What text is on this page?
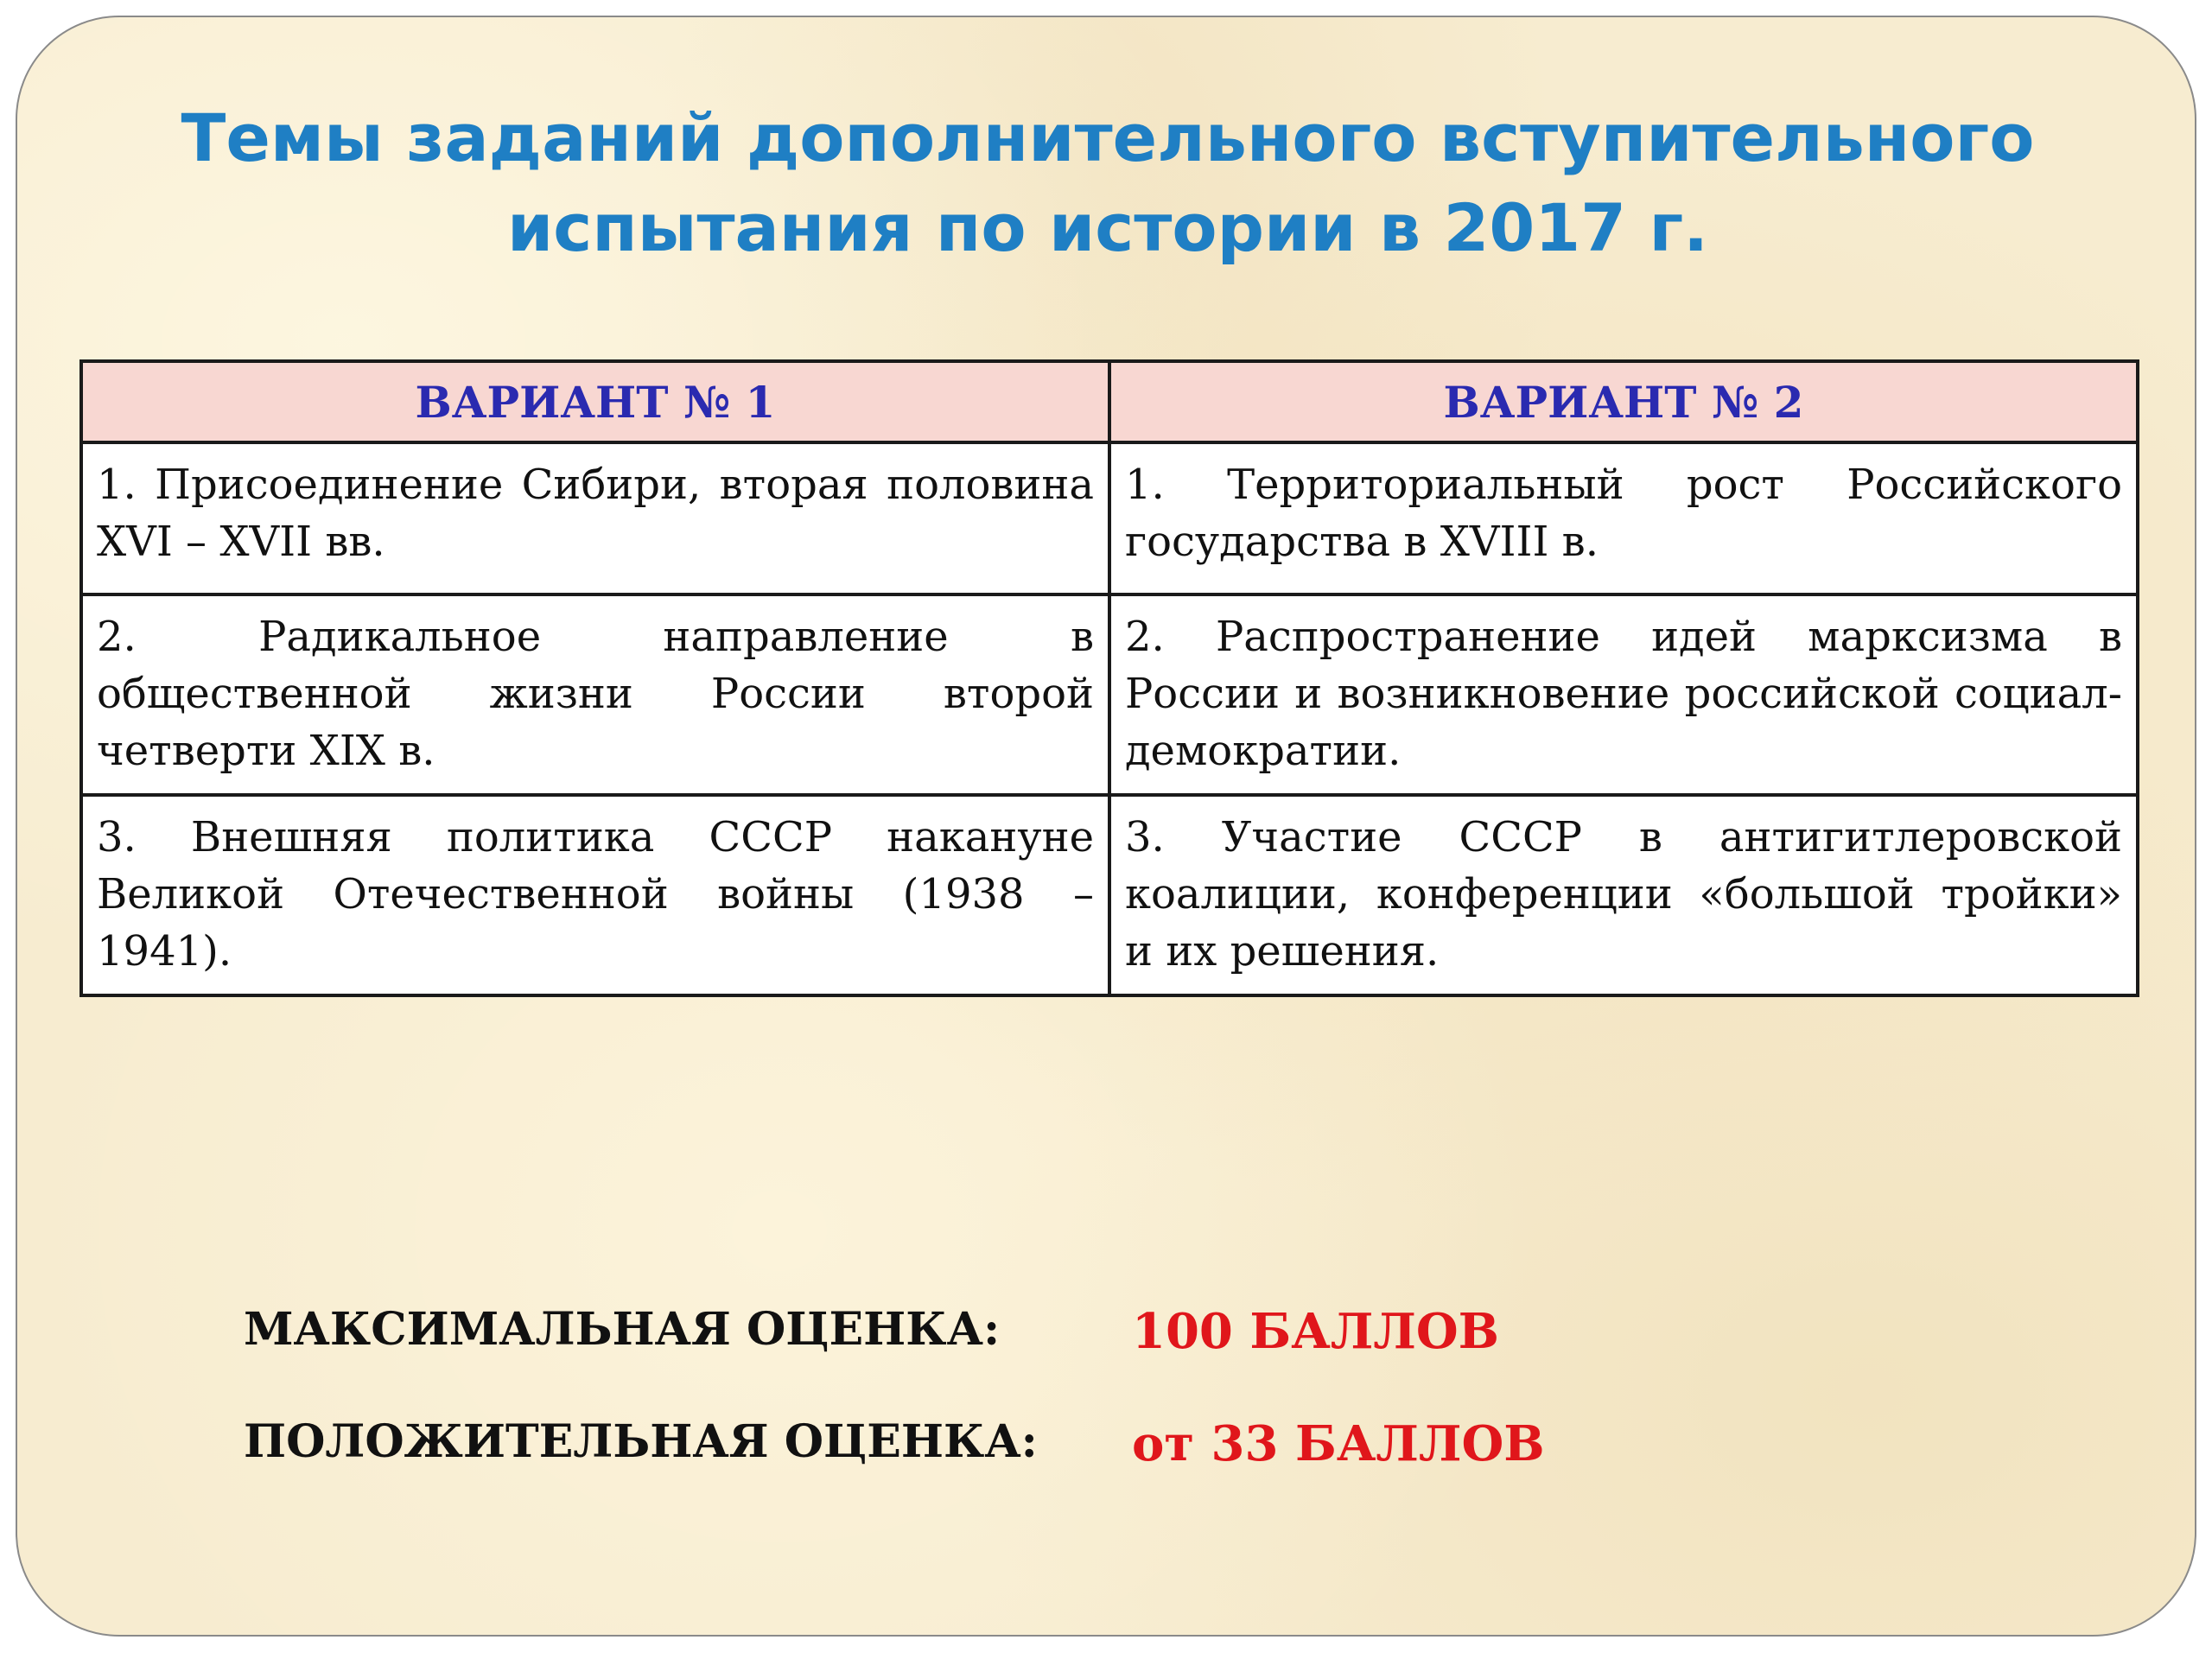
Темы заданий дополнительного вступительного
испытания по истории в 2017 г.
ВАРИАНТ № 1	ВАРИАНТ № 2
1. Присоединение Сибири, вторая половина XVI – XVII вв.	1. Территориальный рост Российского государства в XVIII в.
2. Радикальное направление в общественной жизни России второй четверти XIX в.	2. Распространение идей марксизма в России и возникновение российской социал-демократии.
3. Внешняя политика СССР накануне Великой Отечественной войны (1938 – 1941).	3. Участие СССР в антигитлеровской коалиции, конференции «большой тройки» и их решения.
МАКСИМАЛЬНАЯ ОЦЕНКА:	100 БАЛЛОВ
ПОЛОЖИТЕЛЬНАЯ ОЦЕНКА: от 33 БАЛЛОВ
